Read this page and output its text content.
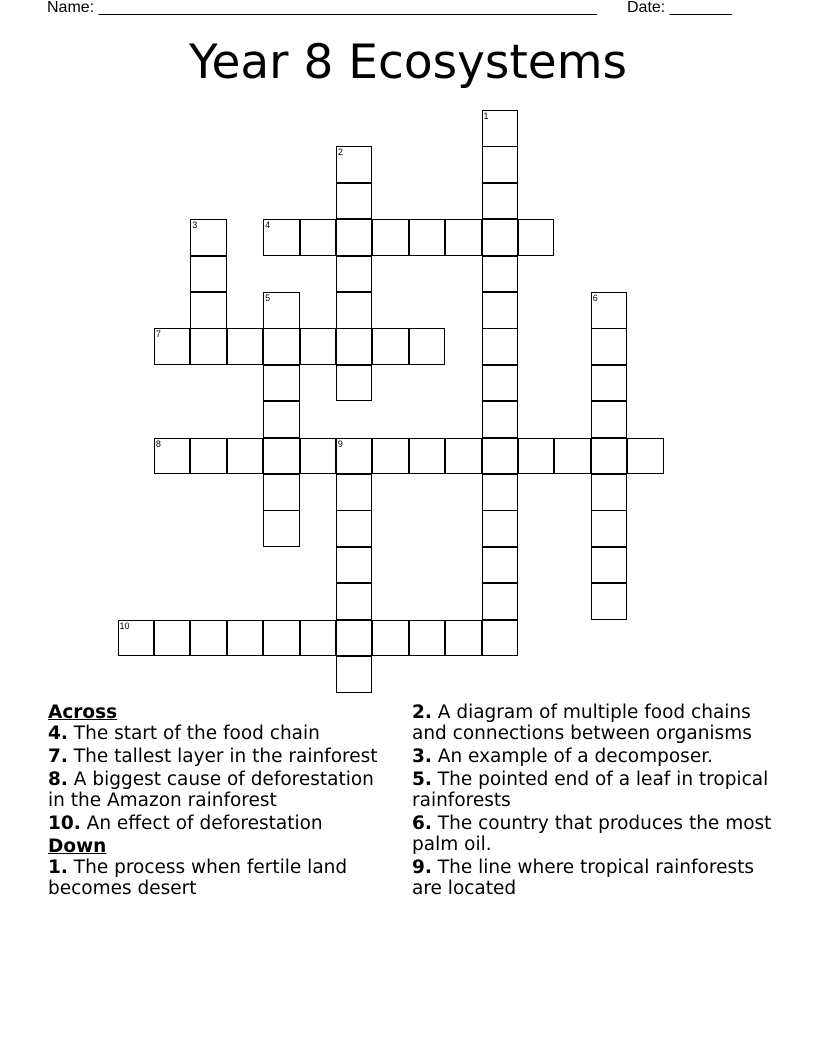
Name: ________________________________________________________ Date: _______
Year 8 Ecosystems
1
2
3	4
5	6
7
8	9
10

Across

4. The start of the food chain

7. The tallest layer in the rainforest

8. A biggest cause of deforestation in the Amazon rainforest

10. An effect of deforestation

Down

1. The process when fertile land becomes desert

2. A diagram of multiple food chains and connections between organisms

3. An example of a decomposer.

5. The pointed end of a leaf in tropical rainforests

6. The country that produces the most palm oil.

9. The line where tropical rainforests are located
